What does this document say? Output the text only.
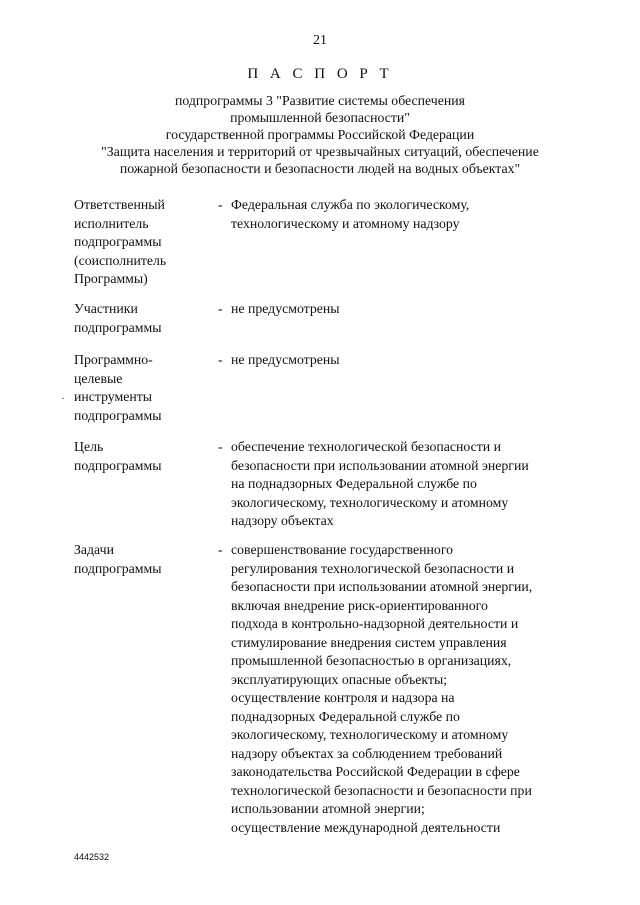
21
П А С П О Р Т
подпрограммы 3 "Развитие системы обеспечения
промышленной безопасности"
государственной программы Российской Федерации
"Защита населения и территорий от чрезвычайных ситуаций, обеспечение
пожарной безопасности и безопасности людей на водных объектах"
Ответственный
исполнитель
подпрограммы
(соисполнитель
Программы)
- Федеральная служба по экологическому,
технологическому и атомному надзору
Участники
подпрограммы
- не предусмотрены
Программно-
целевые
инструменты
подпрограммы
- не предусмотрены
Цель
подпрограммы
- обеспечение технологической безопасности и
безопасности при использовании атомной энергии
на поднадзорных Федеральной службе по
экологическому, технологическому и атомному
надзору объектах
Задачи
подпрограммы
- совершенствование государственного
регулирования технологической безопасности и
безопасности при использовании атомной энергии,
включая внедрение риск-ориентированного
подхода в контрольно-надзорной деятельности и
стимулирование внедрения систем управления
промышленной безопасностью в организациях,
эксплуатирующих опасные объекты;
осуществление контроля и надзора на
поднадзорных Федеральной службе по
экологическому, технологическому и атомному
надзору объектах за соблюдением требований
законодательства Российской Федерации в сфере
технологической безопасности и безопасности при
использовании атомной энергии;
осуществление международной деятельности
4442532
